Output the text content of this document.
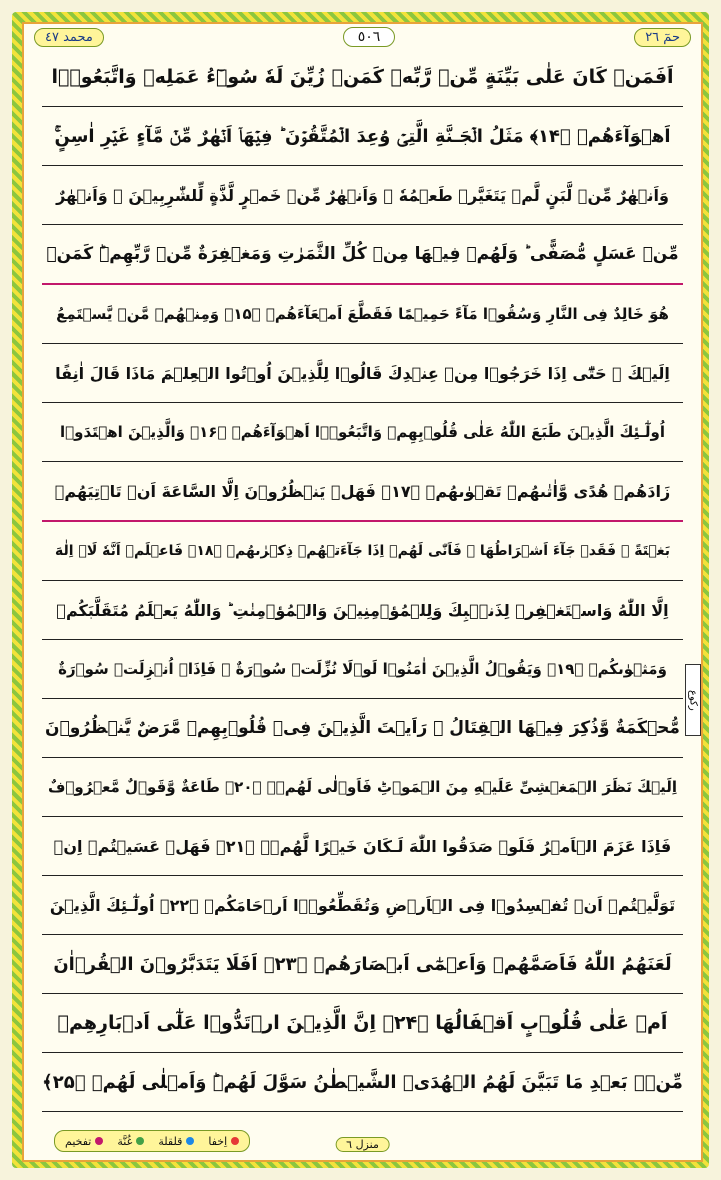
محمد ٤٧	٥٠٦	حمٓ ٢٦
اَفَمَنۡ كَانَ عَلٰى بَيِّنَةٍ مِّنۡ رَّبِّهٖ كَمَنۡ زُيِّنَ لَهٗ سُوۡٓءُ عَمَلِهٖ وَاتَّبَعُوۡۤا
اَهۡوَآءَهُمۡ ﴿۱۴﴾ مَثَلُ الۡجَـنَّةِ الَّتِىۡ وُعِدَ الۡمُتَّقُوۡنَ ؕ فِيۡهَاۤ اَنۡهٰرٌ مِّنۡ مَّآءٍ غَيۡرِ اٰسِنٍ‌ۚ
وَاَنۡهٰرٌ مِّنۡ لَّبَنٍ لَّمۡ يَتَغَيَّرۡ طَعۡمُهٗ ‌ۚ وَاَنۡهٰرٌ مِّنۡ خَمۡرٍ لَّذَّةٍ لِّلشّٰرِبِيۡنَ ۚ وَاَنۡهٰرٌ
مِّنۡ عَسَلٍ مُّصَفًّى‌ ؕ وَلَهُمۡ فِيۡهَا مِنۡ كُلِّ الثَّمَرٰتِ وَمَغۡفِرَةٌ مِّنۡ رَّبِّهِمۡ‌ؕ كَمَنۡ
هُوَ خَالِدٌ فِى النَّارِ وَسُقُوۡا مَآءً حَمِيۡمًا فَقَطَّعَ اَمۡعَآءَهُمۡ ﴿۱۵﴾ وَمِنۡهُمۡ مَّنۡ يَّسۡتَمِعُ
اِلَيۡكَ‌ ۚ حَتّٰٓى اِذَا خَرَجُوۡا مِنۡ عِنۡدِكَ قَالُوۡا لِلَّذِيۡنَ اُوۡتُوا الۡعِلۡمَ مَاذَا قَالَ اٰنِفًا
اُولٰٓـئِكَ الَّذِيۡنَ طَبَعَ اللّٰهُ عَلٰى قُلُوۡبِهِمۡ وَاتَّبَعُوۡۤا اَهۡوَآءَهُمۡ ﴿۱۶﴾ وَالَّذِيۡنَ اهۡتَدَوۡا
زَادَهُمۡ هُدًى وَّاٰتٰٮهُمۡ تَقۡوٰٮهُمۡ ﴿۱۷﴾ فَهَلۡ يَنۡظُرُوۡنَ اِلَّا السَّاعَةَ اَنۡ تَاۡتِيَهُمۡ
بَغۡتَةً‌ ۚ فَقَدۡ جَآءَ اَشۡرَاطُهَا‌ ۚ فَاَنّٰى لَهُمۡ اِذَا جَآءَتۡهُمۡ ذِكۡرٰٮهُمۡ ﴿۱۸﴾ فَاعۡلَمۡ اَنَّهٗ لَاۤ اِلٰهَ
اِلَّا اللّٰهُ وَاسۡتَغۡفِرۡ لِذَنۡۢبِكَ وَلِلۡمُؤۡمِنِيۡنَ وَالۡمُؤۡمِنٰتِ‌ ؕ وَاللّٰهُ يَعۡلَمُ مُتَقَلَّبَكُمۡ
وَمَثۡوٰٮكُمۡ ﴿۱۹﴾ وَيَقُوۡلُ الَّذِيۡنَ اٰمَنُوۡا لَوۡلَا نُزِّلَتۡ سُوۡرَةٌ ۚ فَاِذَاۤ اُنۡزِلَتۡ سُوۡرَةٌ
مُّحۡكَمَةٌ وَّذُكِرَ فِيۡهَا الۡقِتَالُ‌ ۙ رَاَيۡتَ الَّذِيۡنَ فِىۡ قُلُوۡبِهِمۡ مَّرَضٌ يَّنۡظُرُوۡنَ
اِلَيۡكَ نَظَرَ الۡمَغۡشِىِّ عَلَيۡهِ مِنَ الۡمَوۡتِ‌ؕ فَاَوۡلٰى لَهُمۡ‌ۚ ﴿۲۰﴾ طَاعَةٌ وَّقَوۡلٌ مَّعۡرُوۡفٌ‌
فَاِذَا عَزَمَ الۡاَمۡرُ فَلَوۡ صَدَقُوا اللّٰهَ لَـكَانَ خَيۡرًا لَّهُمۡ‌ۚ ﴿۲۱﴾ فَهَلۡ عَسَيۡتُمۡ اِنۡ
تَوَلَّيۡتُمۡ اَنۡ تُفۡسِدُوۡا فِى الۡاَرۡضِ وَتُقَطِّعُوۡۤا اَرۡحَامَكُمۡ ﴿۲۲﴾ اُولٰٓـئِكَ الَّذِيۡنَ
لَعَنَهُمُ اللّٰهُ فَاَصَمَّهُمۡ وَاَعۡمٰٓى اَبۡصَارَهُمۡ ﴿۲۳﴾ اَفَلَا يَتَدَبَّرُوۡنَ الۡقُرۡاٰنَ
اَمۡ عَلٰى قُلُوۡبٍ اَقۡفَالُهَا ﴿۲۴﴾ اِنَّ الَّذِيۡنَ ارۡتَدُّوۡا عَلٰٓى اَدۡبَارِهِمۡ
مِّنۡۢ بَعۡدِ مَا تَبَيَّنَ لَهُمُ الۡهُدَى‌ۙ الشَّيۡطٰنُ سَوَّلَ لَهُمۡؕ وَاَمۡلٰى لَهُمۡ ﴿۲۵﴾
رکوع
اِخفا
قلقلة
غُنَّة
تفخیم	منزل ٦
